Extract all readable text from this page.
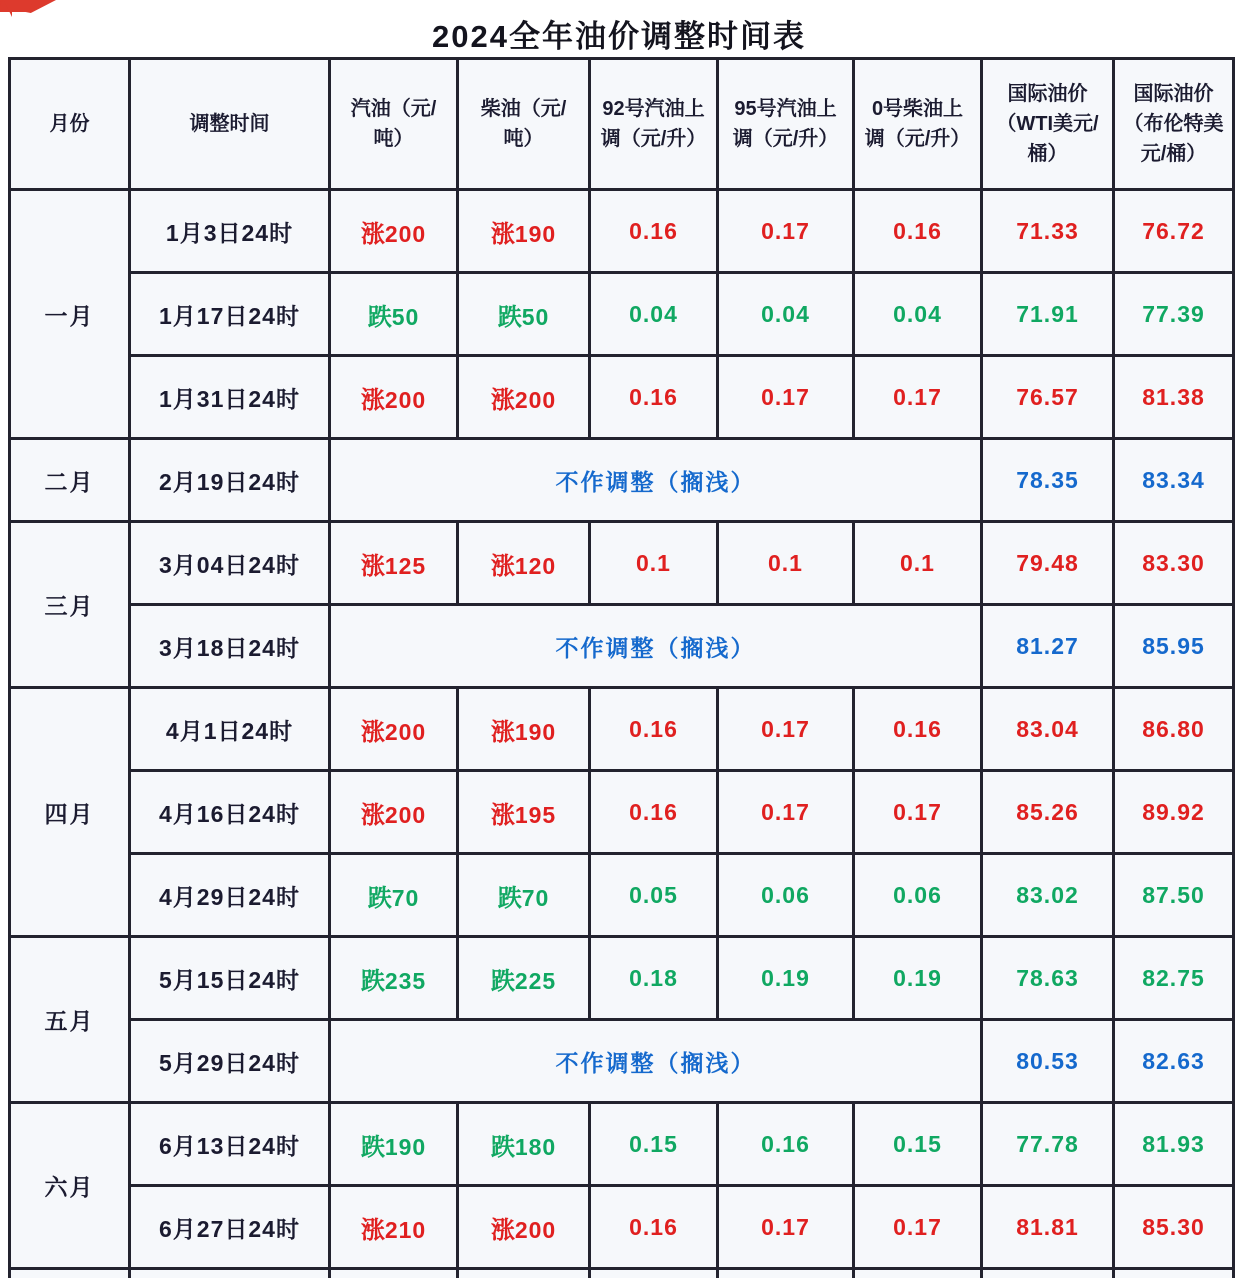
2024全年油价调整时间表
月份	调整时间	汽油（元/吨）	柴油（元/吨）	92号汽油上调（元/升）	95号汽油上调（元/升）	0号柴油上调（元/升）	国际油价（WTI美元/桶）	国际油价（布伦特美元/桶）
一月	1月3日24时	涨200	涨190	0.16	0.17	0.16	71.33	76.72
	1月17日24时	跌50	跌50	0.04	0.04	0.04	71.91	77.39
	1月31日24时	涨200	涨200	0.16	0.17	0.17	76.57	81.38
二月	2月19日24时	不作调整（搁浅）					78.35	83.34
三月	3月04日24时	涨125	涨120	0.1	0.1	0.1	79.48	83.30
	3月18日24时	不作调整（搁浅）					81.27	85.95
四月	4月1日24时	涨200	涨190	0.16	0.17	0.16	83.04	86.80
	4月16日24时	涨200	涨195	0.16	0.17	0.17	85.26	89.92
	4月29日24时	跌70	跌70	0.05	0.06	0.06	83.02	87.50
五月	5月15日24时	跌235	跌225	0.18	0.19	0.19	78.63	82.75
	5月29日24时	不作调整（搁浅）					80.53	82.63
六月	6月13日24时	跌190	跌180	0.15	0.16	0.15	77.78	81.93
	6月27日24时	涨210	涨200	0.16	0.17	0.17	81.81	85.30
